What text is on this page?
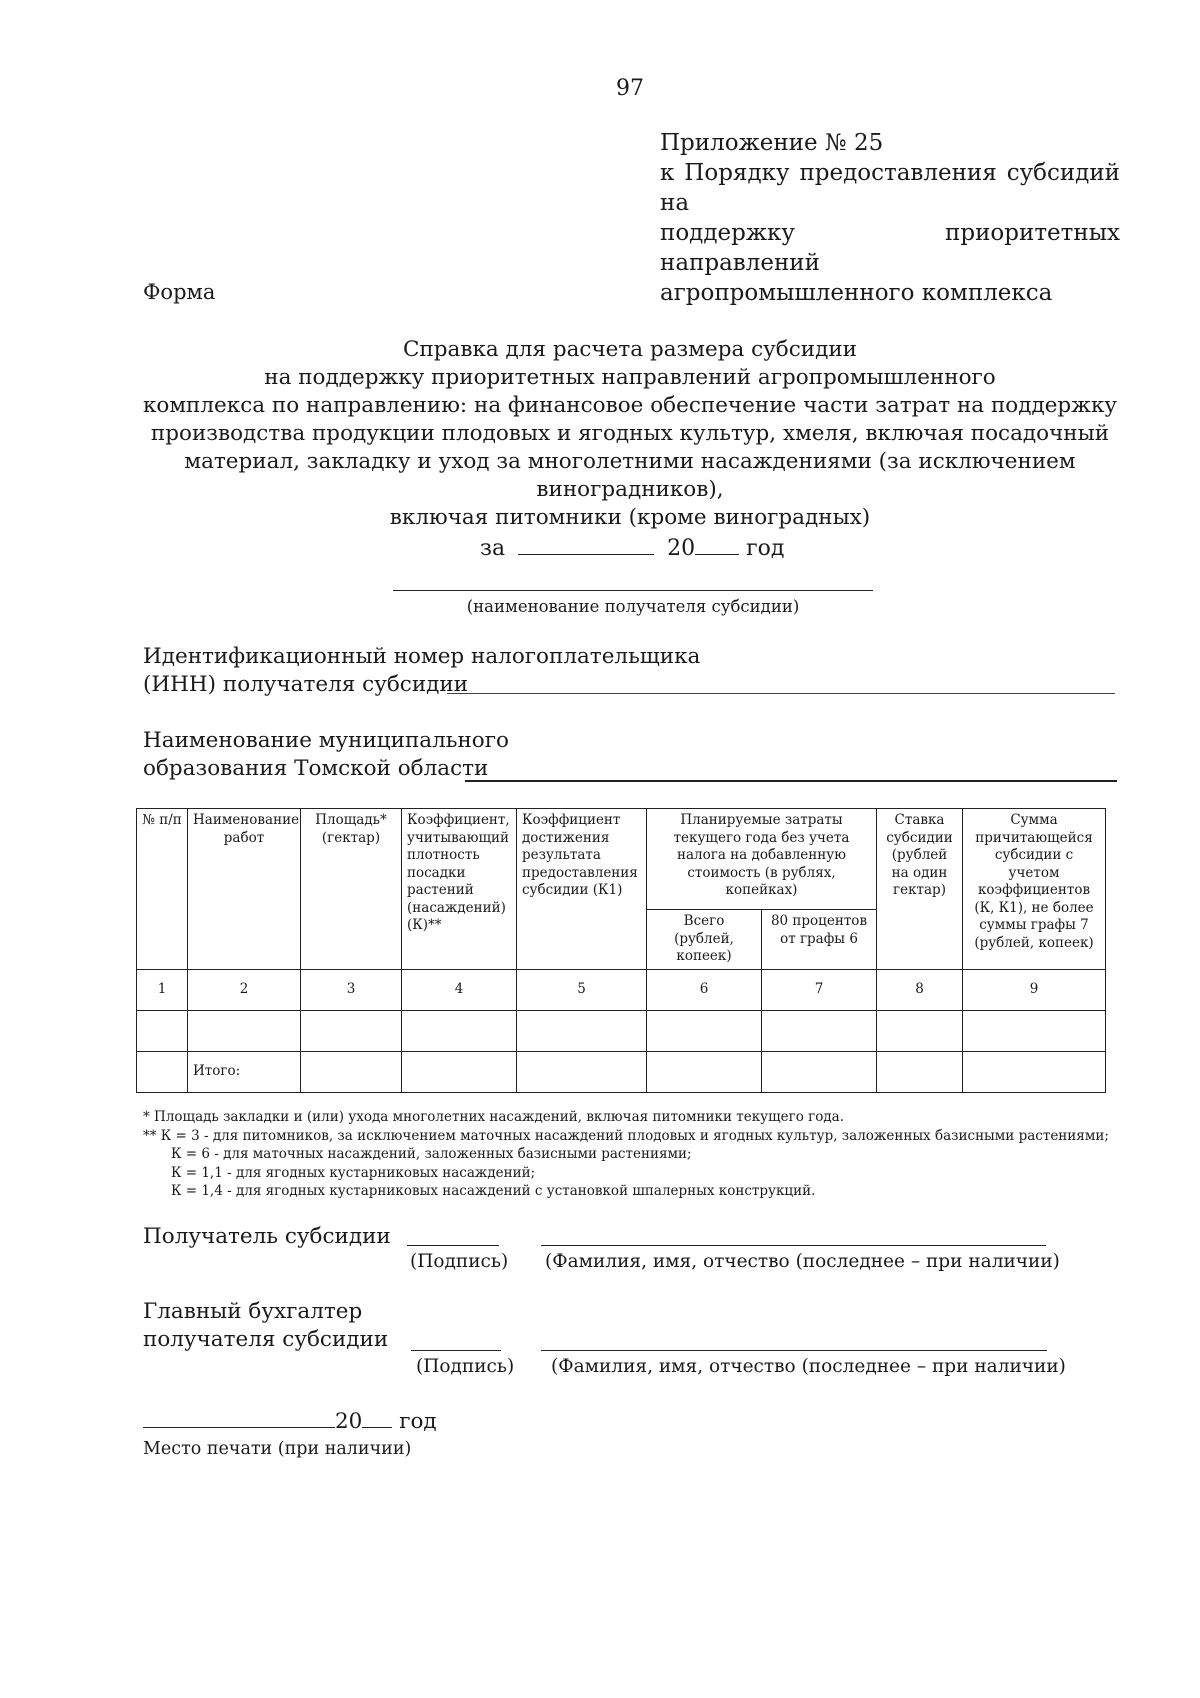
97
Приложение № 25
к Порядку предоставления субсидий на
поддержку приоритетных направлений
агропромышленного комплекса
Форма
Справка для расчета размера субсидии
на поддержку приоритетных направлений агропромышленного
комплекса по направлению: на финансовое обеспечение части затрат на поддержку
производства продукции плодовых и ягодных культур, хмеля, включая посадочный
материал, закладку и уход за многолетними насаждениями (за исключением виноградников),
включая питомники (кроме виноградных)
за	20 год
(наименование получателя субсидии)
Идентификационный номер налогоплательщика
(ИНН) получателя субсидии
Наименование муниципального
образования Томской области
№ п/п	Наименование работ	Площадь* (гектар)	Коэффициент, учитывающий плотность посадки растений (насаждений) (К)**	Коэффициент достижения результата предоставления субсидии (К1)	Планируемые затраты текущего года без учета налога на добавленную стоимость (в рублях, копейках)		Ставка субсидии (рублей на один гектар)	Сумма причитающейся субсидии с учетом коэффициентов (К, К1), не более суммы графы 7 (рублей, копеек)
					Всего (рублей, копеек)	80 процентов от графы 6		
1	2	3	4	5	6	7	8	9

	Итого:							
* Площадь закладки и (или) ухода многолетних насаждений, включая питомники текущего года.
** К = 3 - для питомников, за исключением маточных насаждений плодовых и ягодных культур, заложенных базисными растениями;
К = 6 - для маточных насаждений, заложенных базисными растениями;
К = 1,1 - для ягодных кустарниковых насаждений;
К = 1,4 - для ягодных кустарниковых насаждений с установкой шпалерных конструкций.
Получатель субсидии
(Подпись) (Фамилия, имя, отчество (последнее – при наличии)
Главный бухгалтер
получателя субсидии
(Подпись) (Фамилия, имя, отчество (последнее – при наличии)
20 год
Место печати (при наличии)
